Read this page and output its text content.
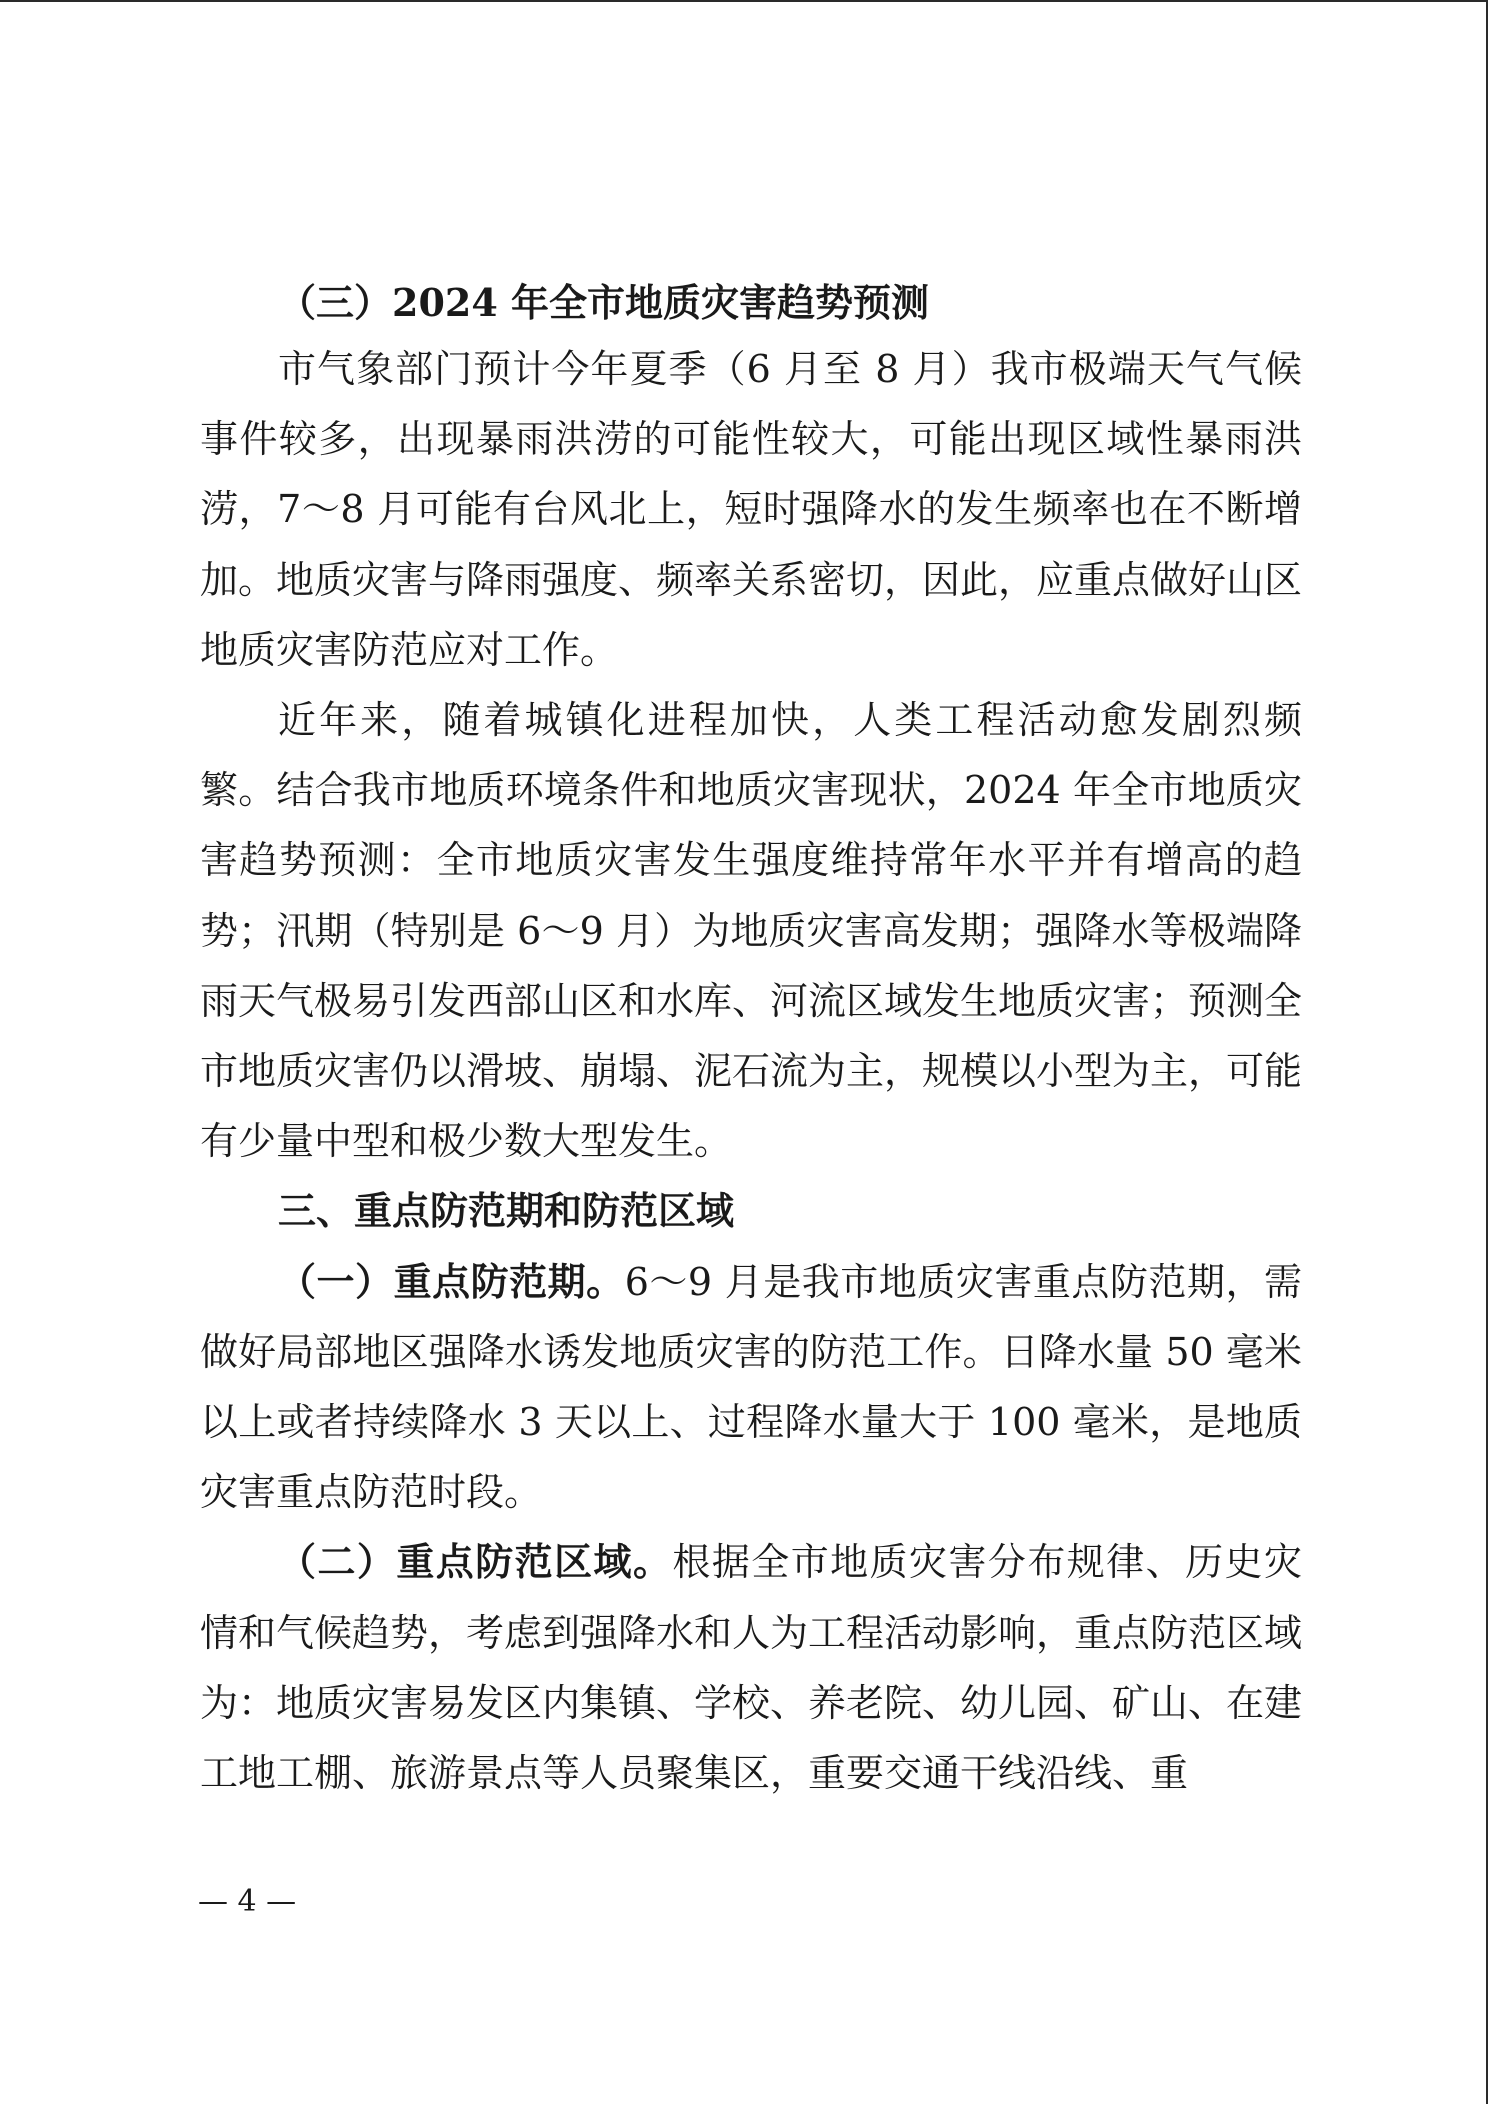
（三）2024 年全市地质灾害趋势预测

市气象部门预计今年夏季（6 月至 8 月）我市极端天气气候事件较多，出现暴雨洪涝的可能性较大，可能出现区域性暴雨洪涝，7～8 月可能有台风北上，短时强降水的发生频率也在不断增加。地质灾害与降雨强度、频率关系密切，因此，应重点做好山区地质灾害防范应对工作。

近年来，随着城镇化进程加快，人类工程活动愈发剧烈频繁。结合我市地质环境条件和地质灾害现状，2024 年全市地质灾害趋势预测：全市地质灾害发生强度维持常年水平并有增高的趋势；汛期（特别是 6～9 月）为地质灾害高发期；强降水等极端降雨天气极易引发西部山区和水库、河流区域发生地质灾害；预测全市地质灾害仍以滑坡、崩塌、泥石流为主，规模以小型为主，可能有少量中型和极少数大型发生。

三、重点防范期和防范区域

（一）重点防范期。6～9 月是我市地质灾害重点防范期，需做好局部地区强降水诱发地质灾害的防范工作。日降水量 50 毫米以上或者持续降水 3 天以上、过程降水量大于 100 毫米，是地质灾害重点防范时段。

（二）重点防范区域。根据全市地质灾害分布规律、历史灾情和气候趋势，考虑到强降水和人为工程活动影响，重点防范区域为：地质灾害易发区内集镇、学校、养老院、幼儿园、矿山、在建工地工棚、旅游景点等人员聚集区，重要交通干线沿线、重

— 4 —
